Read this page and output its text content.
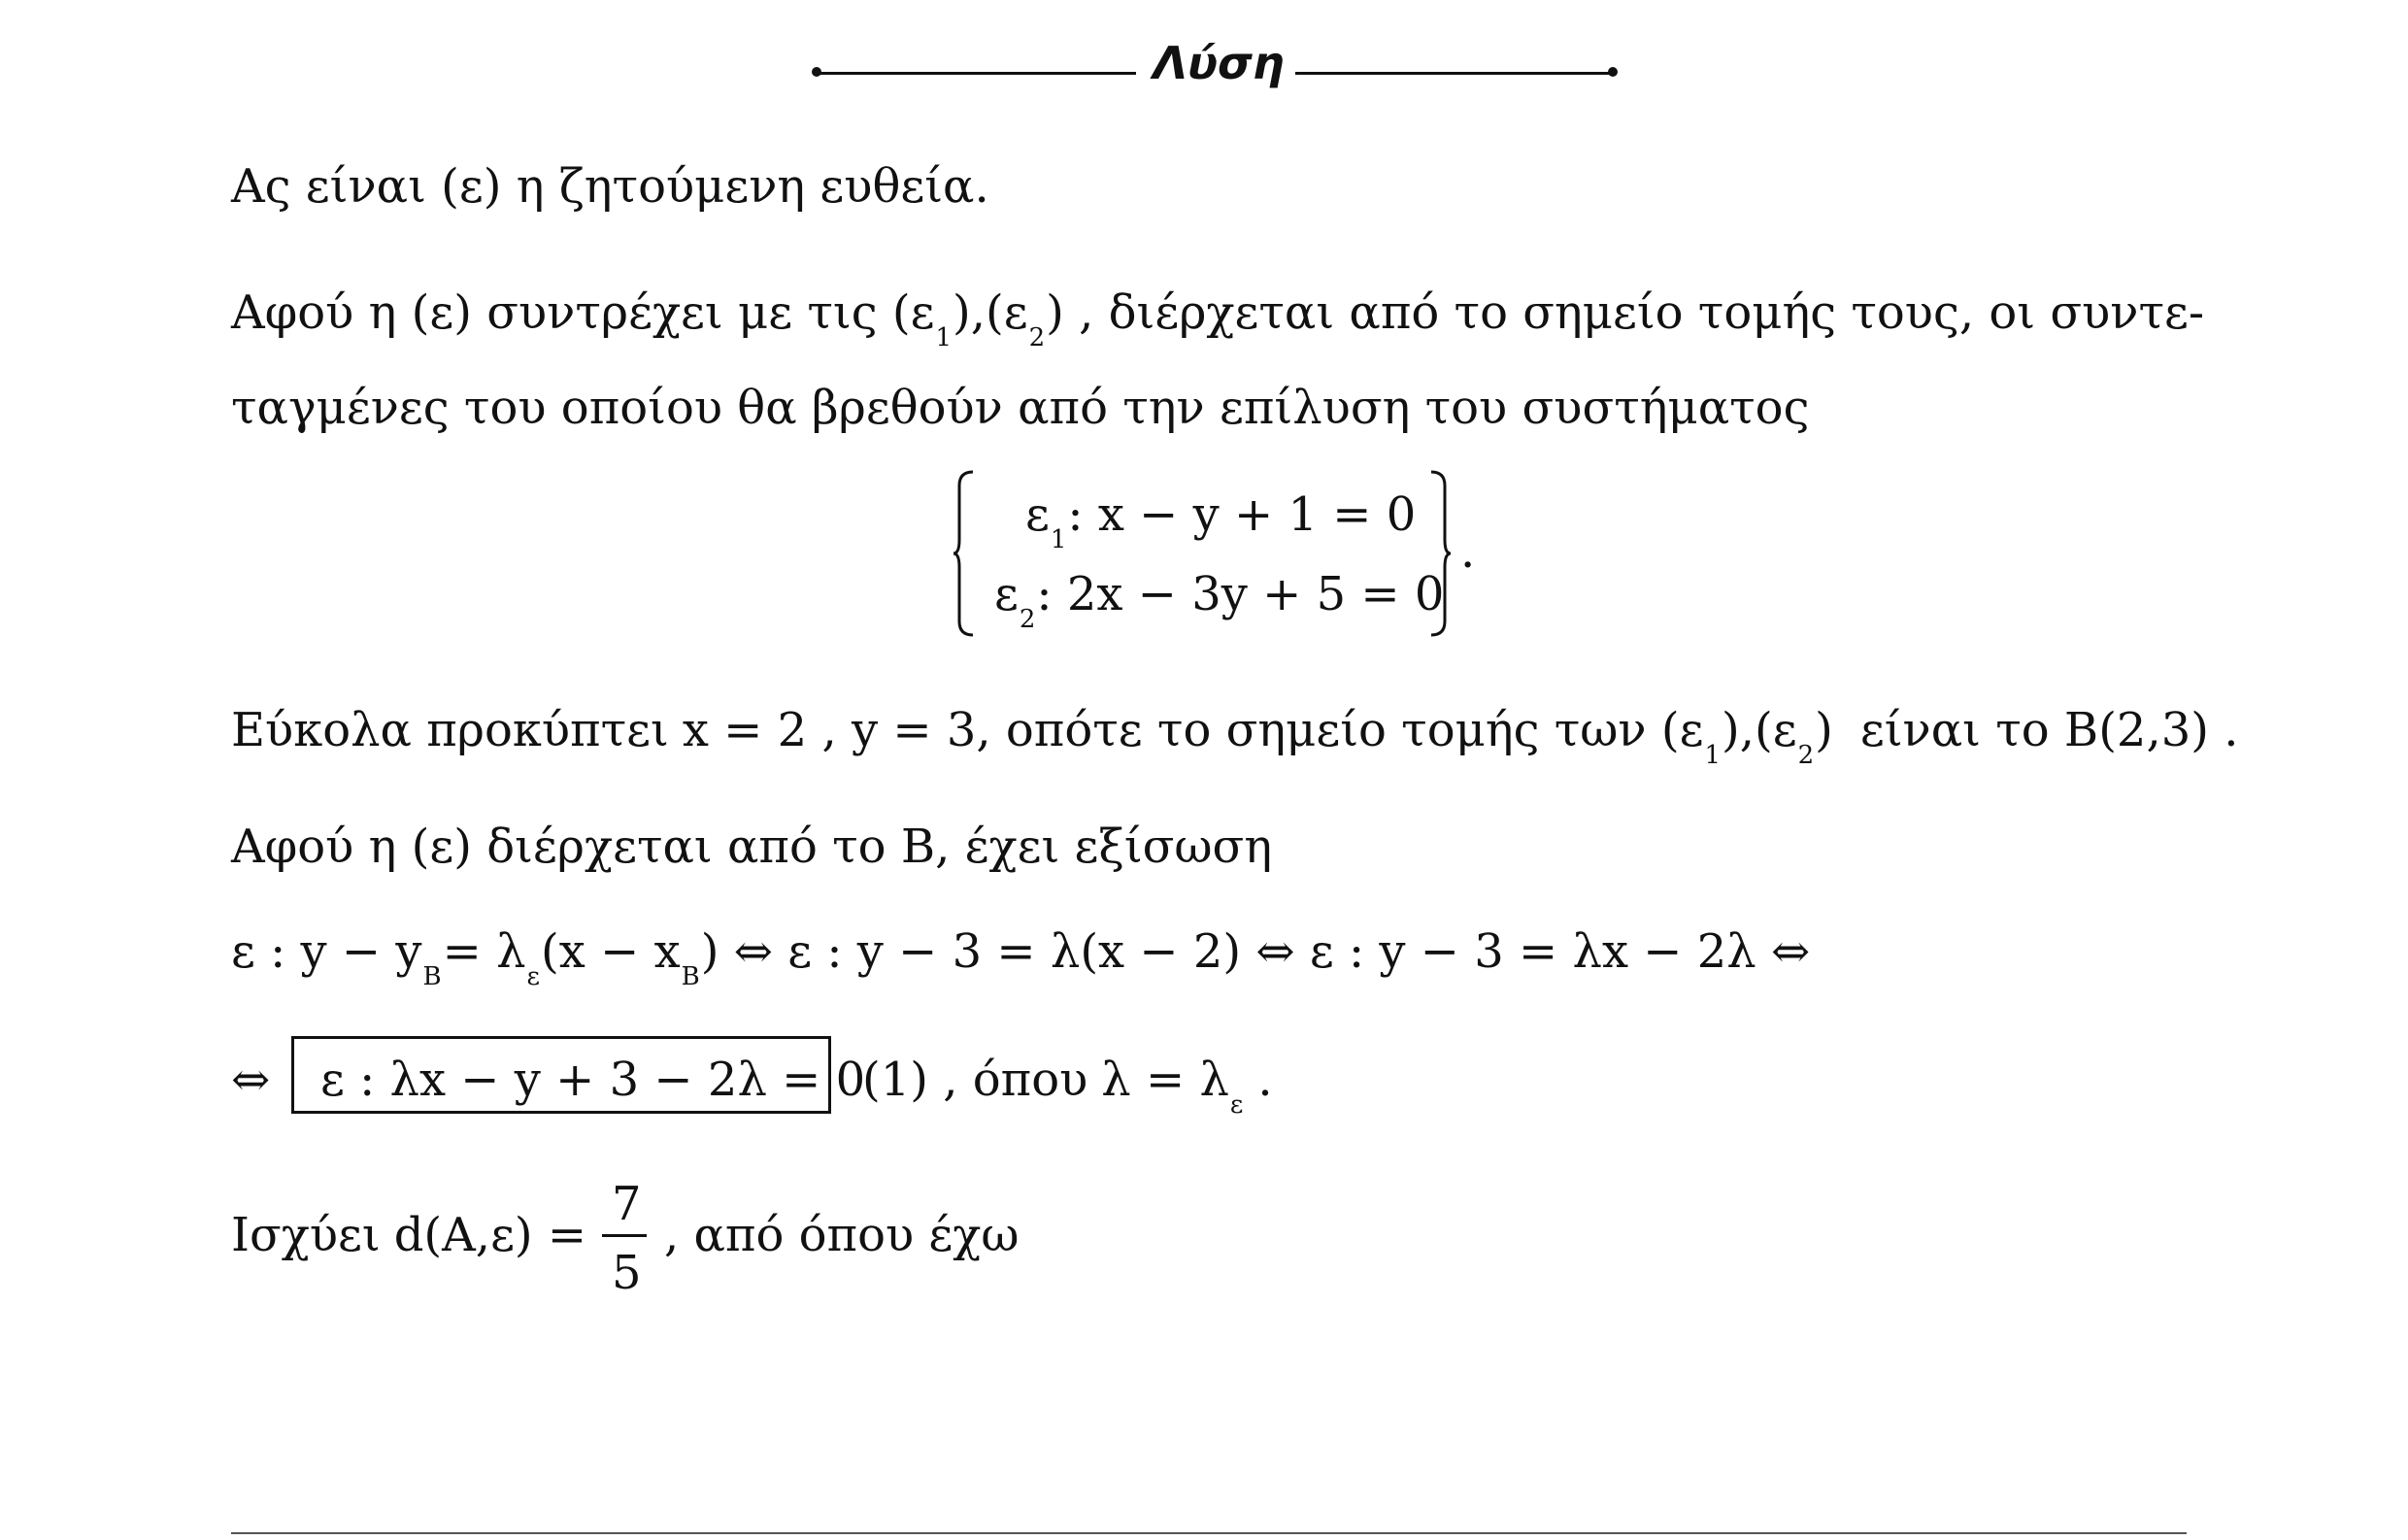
Λύση
Ας είναι (ε) η ζητούμενη ευθεία.
Αφού η (ε) συντρέχει με τις $(\varepsilon_1),(\varepsilon_2)$ , διέρχεται από το σημείο τομής τους, οι συντε-
ταγμένες του οποίου θα βρεθούν από την επίλυση του συστήματος
$\varepsilon_1$: x − y + 1 = 0
$\varepsilon_2$: 2x − 3y + 5 = 0
.
Εύκολα προκύπτει x = 2 , y = 3, οπότε το σημείο τομής των $(\varepsilon_1),(\varepsilon_2)$ είναι το Β(2,3) .
Αφού η (ε) διέρχεται από το Β, έχει εξίσωση
ε : $y - y_B= \lambda_\varepsilon(x - x_B)$ ⇔ ε : y − 3 = λ(x − 2) ⇔ ε : y − 3 = λx − 2λ ⇔
⇔ ε : λx − y + 3 − 2λ = 0
(1) , όπου $\lambda = \lambda_\varepsilon$ .
Ισχύει d(Α,ε) =
7
5
, από όπου έχω
